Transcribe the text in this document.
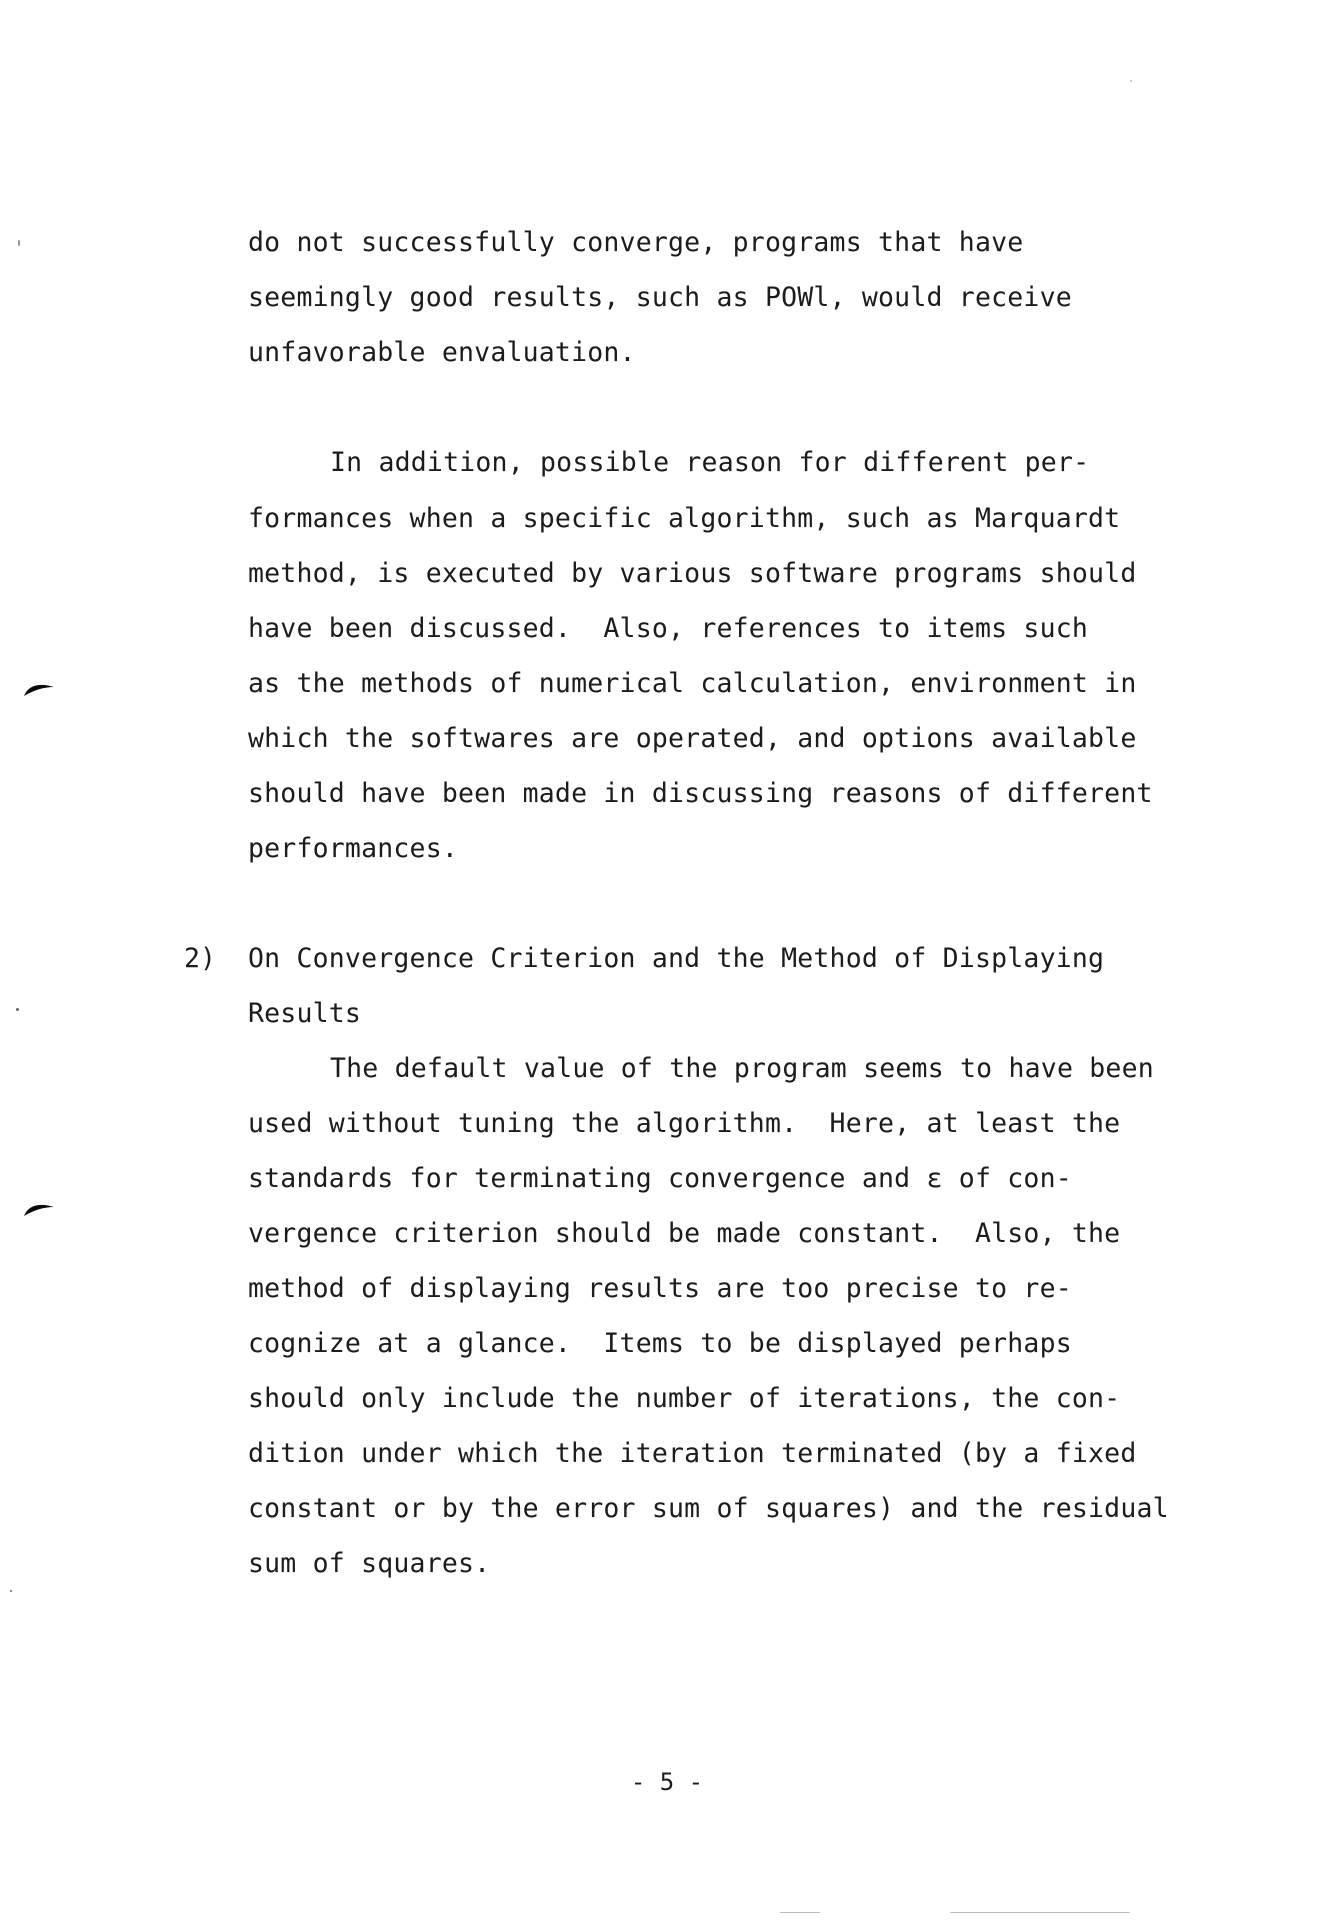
do not successfully converge, programs that have
seemingly good results, such as POWl, would receive
unfavorable envaluation.
In addition, possible reason for different per-
formances when a specific algorithm, such as Marquardt
method, is executed by various software programs should
have been discussed.  Also, references to items such
as the methods of numerical calculation, environment in
which the softwares are operated, and options available
should have been made in discussing reasons of different
performances.
2) On Convergence Criterion and the Method of Displaying
Results
The default value of the program seems to have been
used without tuning the algorithm.  Here, at least the
standards for terminating convergence and ε of con-
vergence criterion should be made constant.  Also, the
method of displaying results are too precise to re-
cognize at a glance.  Items to be displayed perhaps
should only include the number of iterations, the con-
dition under which the iteration terminated (by a fixed
constant or by the error sum of squares) and the residual
sum of squares.
- 5 -
